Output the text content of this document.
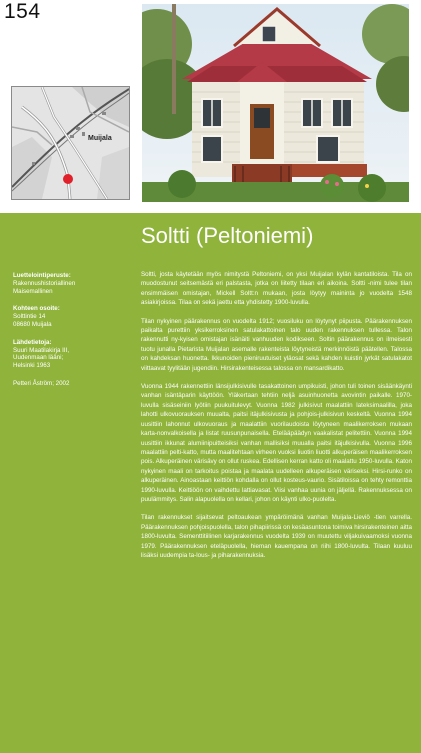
154
Muijala
Soltti (Peltoniemi)
Luettelointiperuste:
Rakennushistoriallinen
Maisemallinen
Kohteen osoite:
Solttintie 14
08680 Muijala
Lähdetietoja:
Suuri Maatilakirja III,
Uudenmaan lääni;
Helsinki 1963
Petteri Åström; 2002

Soltti, josta käytetään myös nimitystä Peltoniemi, on yksi Muijalan kylän kantatiloista. Tila on muodostunut seitsemästä eri palstasta, jotka on liitetty tilaan eri aikoina. Soltti -nimi tulee tilan ensimmäisen omistajan, Mickell Soltt:n mukaan, josta löytyy maininta jo vuodelta 1548 asiakirjoissa. Tilaa on sekä jaettu etta yhdistetty 1900-luvulla.

Tilan nykyinen päärakennus on vuodelta 1912; vuosiluku on löytynyt piipusta. Päärakennuksen paikalta purettiin yksikerroksinen satulakattoinen talo uuden rakennuksen tullessa. Talon rakennutti ny-kyisen omistajan isänäiti vanhuuden kodikseen. Soltin päärakennus on ilmeisesti tuotu junalla Pietarista Muijalan asemalle rakenteista löytyneistä merkinnöistä päätellen. Talossa on kahdeksan huonetta. Ikkunoiden pieniruutuiset yläosat sekä kahden kuistin jyrkät satulakatot viittaavat tyylitään jugendiin. Hirsirakenteisessa talossa on mansardikatto.

Vuonna 1944 rakennettiin länsijulkisivulle tasakattoinen umpikuisti, johon tuli toinen sisäänkäynti vanhan isäntäparin käyttöön. Yläkertaan tehtiin neljä asuinhuonetta avovintin paikalle. 1970-luvulla sisäseiniin lyötiin puukuitulevyt. Vuonna 1982 julkisivut maalattiin lateksimaalilla, joka lahotti ulkovuorauksen muualta, paitsi itäjulkisivusta ja pohjois-julkisivun keskeltä. Vuonna 1994 uusittiin lahonnut ulkovuoraus ja maalattiin vuorilaudoista löytyneen maalikerroksen mukaan karta-nonvalkoisella ja listat ruusunpunaisella. Etelääpäädyn vaakalistat pelitettiin. Vuonna 1994 uusittiin ikkunat alumiinipuitteisiksi vanhan mallisiksi muualla paitsi itäjulkisivulla. Vuonna 1996 maalattiin pelti-katto, mutta maalitehtaan virheen vuoksi liuotin liuotti alkuperäisen maalikerroksen pois. Alkuperäinen värisävy on ollut ruskea. Edellisen kerran katto oli maalattu 1950-luvulla. Katon nykyinen maali on tarkoitus poistaa ja maalata uudelleen alkuperäisen väriseksi. Hirsi-runko on alkuperäinen. Ainoastaan keittiön kohdalla on ollut kosteus-vauriо. Sisätiloissa on tehty remonttia 1990-luvulla. Keittiöön on vaihdettu lattiavasat. Viisi vanhaa uunia on jäljellä. Rakennuksessa on puulämmitys. Salin alapuolella on kellari, johon on käynti ulko-puolelta.

Tilan rakennukset sijaitsevat peltoaukean ympäröimänä vanhan Muijala-Lieviö -tien varrella. Päärakennuksen pohjoispuolella, talon pihapiirissä on kesäasuntona toimiva hirsirakenteinen aitta 1800-luvulta. Sementtitiilinen karjarakennus vuodelta 1939 on muutettu viljakuivaamoksi vuonna 1979. Päärakennuksen eteläpuolella, hieman kauempana on riihi 1800-luvulta. Tilaan kuuluu lisäksi uudempia ta-lous- ja piharakennuksia.
